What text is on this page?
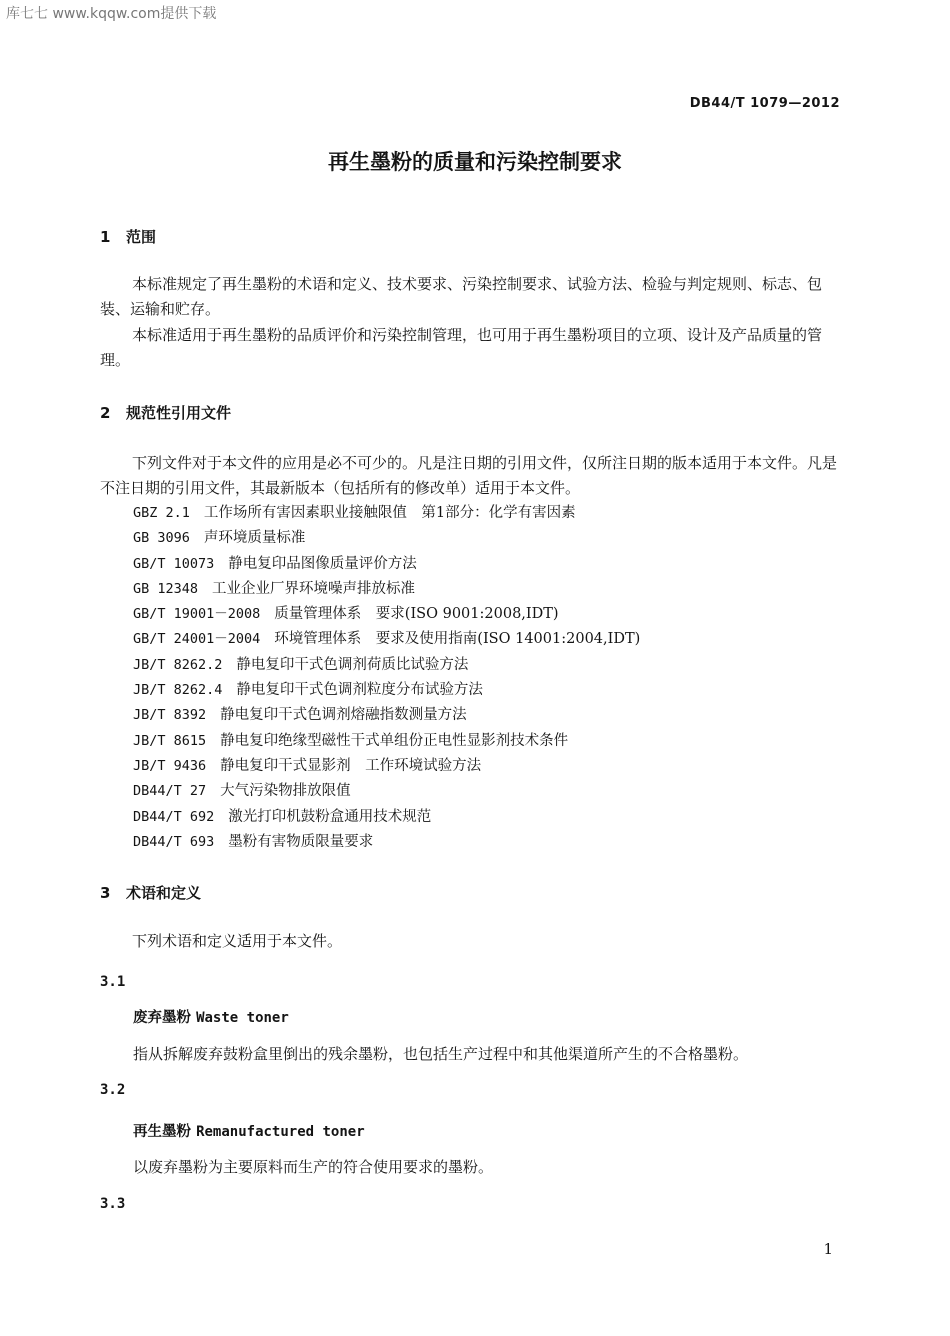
库七七 www.kqqw.com提供下载
DB44/T 1079—2012
再生墨粉的质量和污染控制要求
1 范围

本标准规定了再生墨粉的术语和定义、技术要求、污染控制要求、试验方法、检验与判定规则、标志、包装、运输和贮存。

本标准适用于再生墨粉的品质评价和污染控制管理，也可用于再生墨粉项目的立项、设计及产品质量的管理。

2 规范性引用文件

下列文件对于本文件的应用是必不可少的。凡是注日期的引用文件，仅所注日期的版本适用于本文件。凡是不注日期的引用文件，其最新版本（包括所有的修改单）适用于本文件。

GBZ 2.1 工作场所有害因素职业接触限值　第1部分：化学有害因素
GB 3096 声环境质量标准
GB/T 10073 静电复印品图像质量评价方法
GB 12348 工业企业厂界环境噪声排放标准
GB/T 19001－2008 质量管理体系　要求(ISO 9001:2008,IDT)
GB/T 24001－2004 环境管理体系　要求及使用指南(ISO 14001:2004,IDT)
JB/T 8262.2 静电复印干式色调剂荷质比试验方法
JB/T 8262.4 静电复印干式色调剂粒度分布试验方法
JB/T 8392 静电复印干式色调剂熔融指数测量方法
JB/T 8615 静电复印绝缘型磁性干式单组份正电性显影剂技术条件
JB/T 9436 静电复印干式显影剂　工作环境试验方法
DB44/T 27 大气污染物排放限值
DB44/T 692 激光打印机鼓粉盒通用技术规范
DB44/T 693 墨粉有害物质限量要求
3 术语和定义

下列术语和定义适用于本文件。

3.1
废弃墨粉 Waste toner
指从拆解废弃鼓粉盒里倒出的残余墨粉，也包括生产过程中和其他渠道所产生的不合格墨粉。
3.2
再生墨粉 Remanufactured toner
以废弃墨粉为主要原料而生产的符合使用要求的墨粉。
3.3
1
